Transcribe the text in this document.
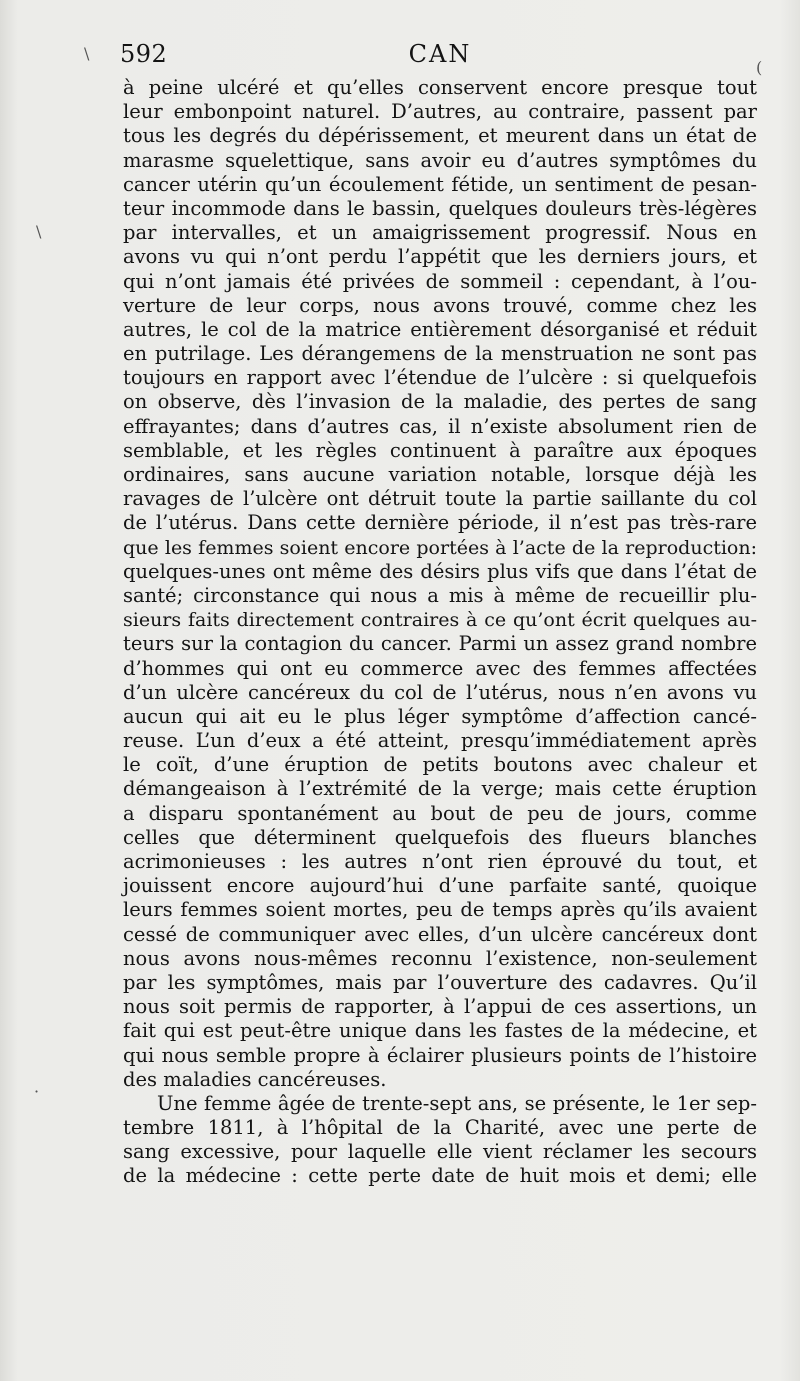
592	CAN
\
(
\
·
à peine ulcéré et qu’elles conservent encore presque tout
leur embonpoint naturel. D’autres, au contraire, passent par
tous les degrés du dépérissement, et meurent dans un état de
marasme squelettique, sans avoir eu d’autres symptômes du
cancer utérin qu’un écoulement fétide, un sentiment de pesan-
teur incommode dans le bassin, quelques douleurs très-légères
par intervalles, et un amaigrissement progressif. Nous en
avons vu qui n’ont perdu l’appétit que les derniers jours, et
qui n’ont jamais été privées de sommeil : cependant, à l’ou-
verture de leur corps, nous avons trouvé, comme chez les
autres, le col de la matrice entièrement désorganisé et réduit
en putrilage. Les dérangemens de la menstruation ne sont pas
toujours en rapport avec l’étendue de l’ulcère : si quelquefois
on observe, dès l’invasion de la maladie, des pertes de sang
effrayantes; dans d’autres cas, il n’existe absolument rien de
semblable, et les règles continuent à paraître aux époques
ordinaires, sans aucune variation notable, lorsque déjà les
ravages de l’ulcère ont détruit toute la partie saillante du col
de l’utérus. Dans cette dernière période, il n’est pas très-rare
que les femmes soient encore portées à l’acte de la reproduction:
quelques-unes ont même des désirs plus vifs que dans l’état de
santé; circonstance qui nous a mis à même de recueillir plu-
sieurs faits directement contraires à ce qu’ont écrit quelques au-
teurs sur la contagion du cancer. Parmi un assez grand nombre
d’hommes qui ont eu commerce avec des femmes affectées
d’un ulcère cancéreux du col de l’utérus, nous n’en avons vu
aucun qui ait eu le plus léger symptôme d’affection cancé-
reuse. L’un d’eux a été atteint, presqu’immédiatement après
le coït, d’une éruption de petits boutons avec chaleur et
démangeaison à l’extrémité de la verge; mais cette éruption
a disparu spontanément au bout de peu de jours, comme
celles que déterminent quelquefois des flueurs blanches
acrimonieuses : les autres n’ont rien éprouvé du tout, et
jouissent encore aujourd’hui d’une parfaite santé, quoique
leurs femmes soient mortes, peu de temps après qu’ils avaient
cessé de communiquer avec elles, d’un ulcère cancéreux dont
nous avons nous-mêmes reconnu l’existence, non-seulement
par les symptômes, mais par l’ouverture des cadavres. Qu’il
nous soit permis de rapporter, à l’appui de ces assertions, un
fait qui est peut-être unique dans les fastes de la médecine, et
qui nous semble propre à éclairer plusieurs points de l’histoire
des maladies cancéreuses.
Une femme âgée de trente-sept ans, se présente, le 1er sep-
tembre 1811, à l’hôpital de la Charité, avec une perte de
sang excessive, pour laquelle elle vient réclamer les secours
de la médecine : cette perte date de huit mois et demi; elle
